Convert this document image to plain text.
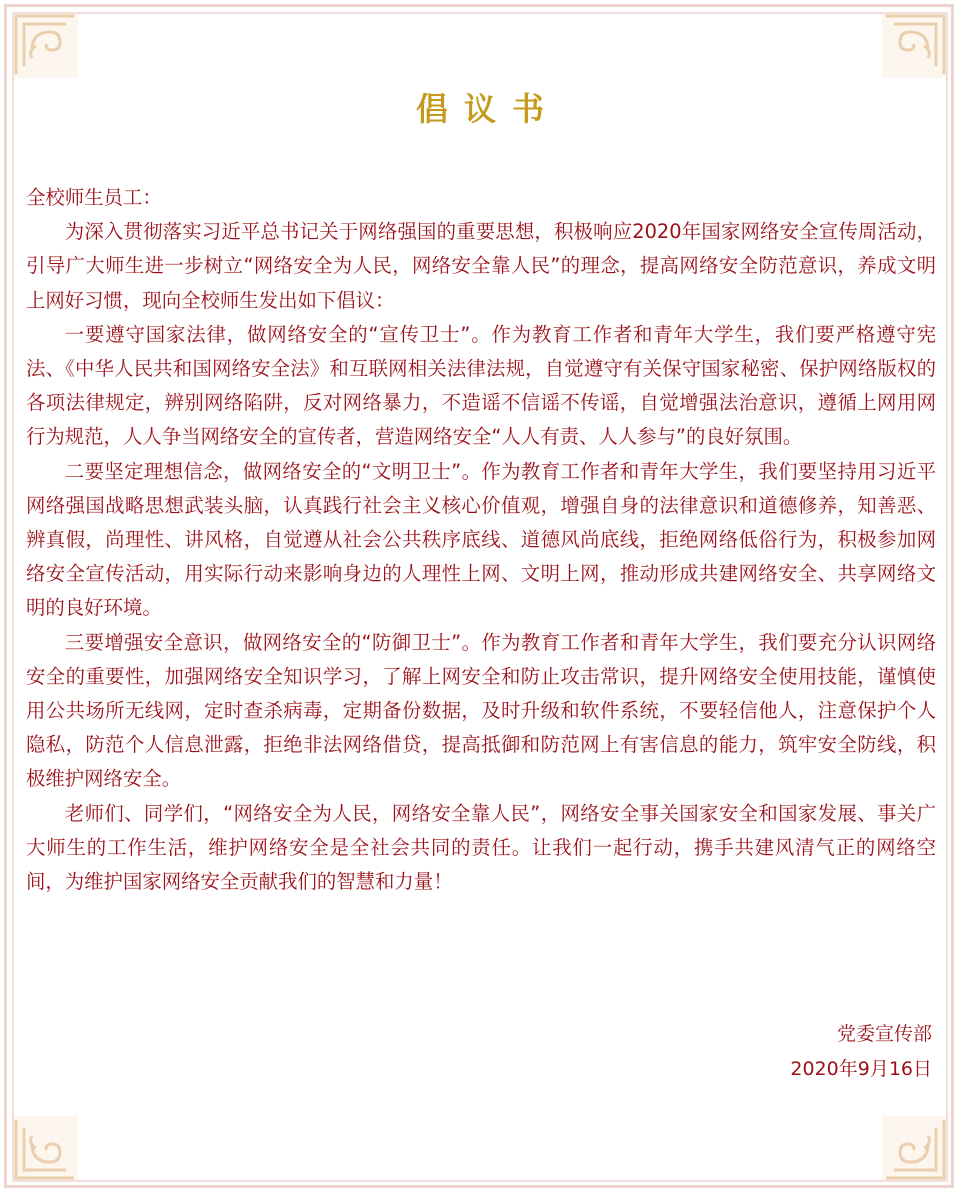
倡议书

全校师生员工：

为深入贯彻落实习近平总书记关于网络强国的重要思想，积极响应2020年国家网络安全宣传周活动，引导广大师生进一步树立“网络安全为人民，网络安全靠人民”的理念，提高网络安全防范意识，养成文明上网好习惯，现向全校师生发出如下倡议：

一要遵守国家法律，做网络安全的“宣传卫士”。作为教育工作者和青年大学生，我们要严格遵守宪法、《中华人民共和国网络安全法》和互联网相关法律法规，自觉遵守有关保守国家秘密、保护网络版权的各项法律规定，辨别网络陷阱，反对网络暴力，不造谣不信谣不传谣，自觉增强法治意识，遵循上网用网行为规范，人人争当网络安全的宣传者，营造网络安全“人人有责、人人参与”的良好氛围。

二要坚定理想信念，做网络安全的“文明卫士”。作为教育工作者和青年大学生，我们要坚持用习近平网络强国战略思想武装头脑，认真践行社会主义核心价值观，增强自身的法律意识和道德修养，知善恶、辨真假，尚理性、讲风格，自觉遵从社会公共秩序底线、道德风尚底线，拒绝网络低俗行为，积极参加网络安全宣传活动，用实际行动来影响身边的人理性上网、文明上网，推动形成共建网络安全、共享网络文明的良好环境。

三要增强安全意识，做网络安全的“防御卫士”。作为教育工作者和青年大学生，我们要充分认识网络安全的重要性，加强网络安全知识学习，了解上网安全和防止攻击常识，提升网络安全使用技能，谨慎使用公共场所无线网，定时查杀病毒，定期备份数据，及时升级和软件系统，不要轻信他人，注意保护个人隐私，防范个人信息泄露，拒绝非法网络借贷，提高抵御和防范网上有害信息的能力，筑牢安全防线，积极维护网络安全。

老师们、同学们，“网络安全为人民，网络安全靠人民”，网络安全事关国家安全和国家发展、事关广大师生的工作生活，维护网络安全是全社会共同的责任。让我们一起行动，携手共建风清气正的网络空间，为维护国家网络安全贡献我们的智慧和力量！

党委宣传部
2020年9月16日
